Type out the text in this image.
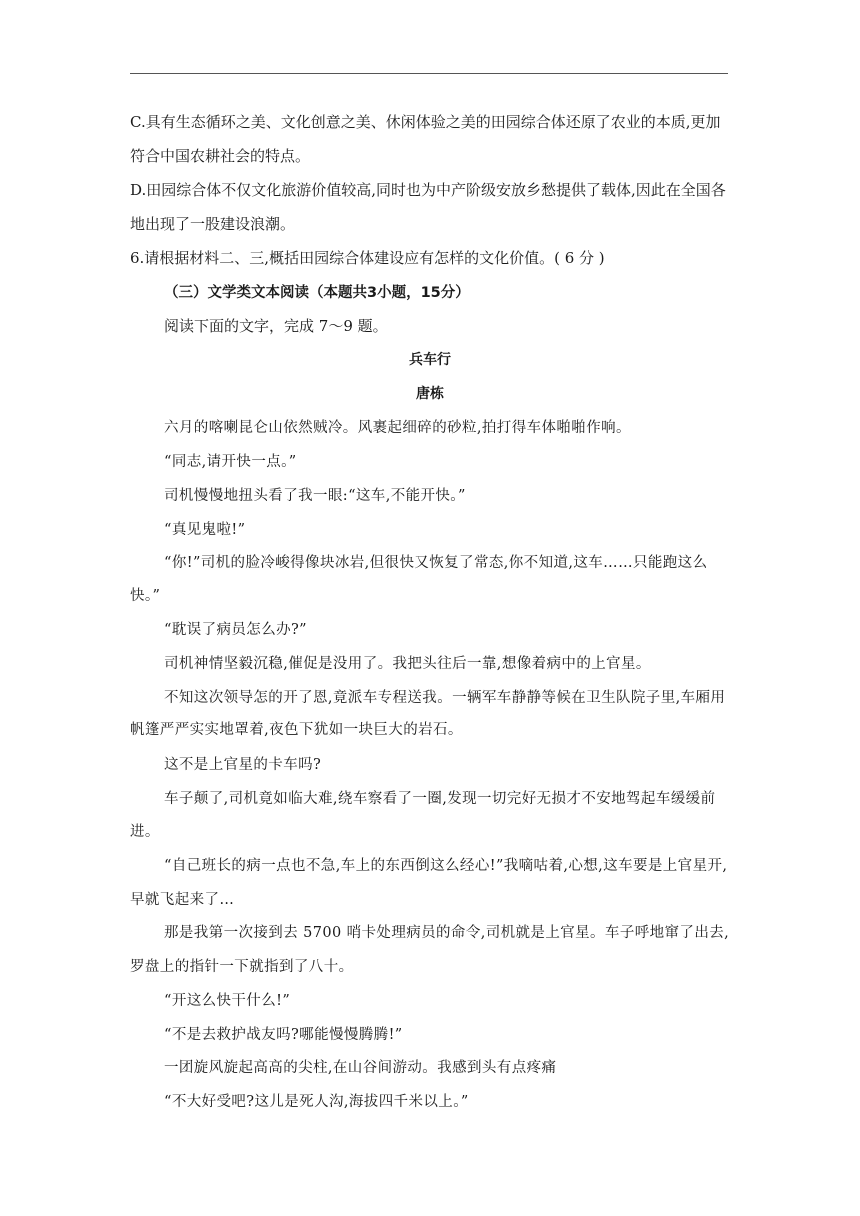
C.具有生态循环之美、文化创意之美、休闲体验之美的田园综合体还原了农业的本质,更加
符合中国农耕社会的特点。
D.田园综合体不仅文化旅游价值较高,同时也为中产阶级安放乡愁提供了载体,因此在全国各
地出现了一股建设浪潮。
6.请根据材料二、三,概括田园综合体建设应有怎样的文化价值。( 6 分 )
（三）文学类文本阅读（本题共3小题，15分）
阅读下面的文字，完成 7～9 题。
兵车行
唐栋
六月的喀喇昆仑山依然贼冷。风裹起细碎的砂粒,拍打得车体啪啪作响。
“同志,请开快一点。”
司机慢慢地扭头看了我一眼:“这车,不能开快。”
“真见鬼啦!”
“你!”司机的脸冷峻得像块冰岩,但很快又恢复了常态,你不知道,这车……只能跑这么
快。”
“耽误了病员怎么办?”
司机神情坚毅沉稳,催促是没用了。我把头往后一靠,想像着病中的上官星。
不知这次领导怎的开了恩,竟派车专程送我。一辆军车静静等候在卫生队院子里,车厢用
帆篷严严实实地罩着,夜色下犹如一块巨大的岩石。
这不是上官星的卡车吗?
车子颠了,司机竟如临大难,绕车察看了一圈,发现一切完好无损才不安地驾起车缓缓前
进。
“自己班长的病一点也不急,车上的东西倒这么经心!”我嘀咕着,心想,这车要是上官星开,
早就飞起来了…
那是我第一次接到去 5700 哨卡处理病员的命令,司机就是上官星。车子呼地窜了出去,
罗盘上的指针一下就指到了八十。
“开这么快干什么!”
“不是去救护战友吗?哪能慢慢腾腾!”
一团旋风旋起高高的尖柱,在山谷间游动。我感到头有点疼痛
“不大好受吧?这儿是死人沟,海拔四千米以上。”
